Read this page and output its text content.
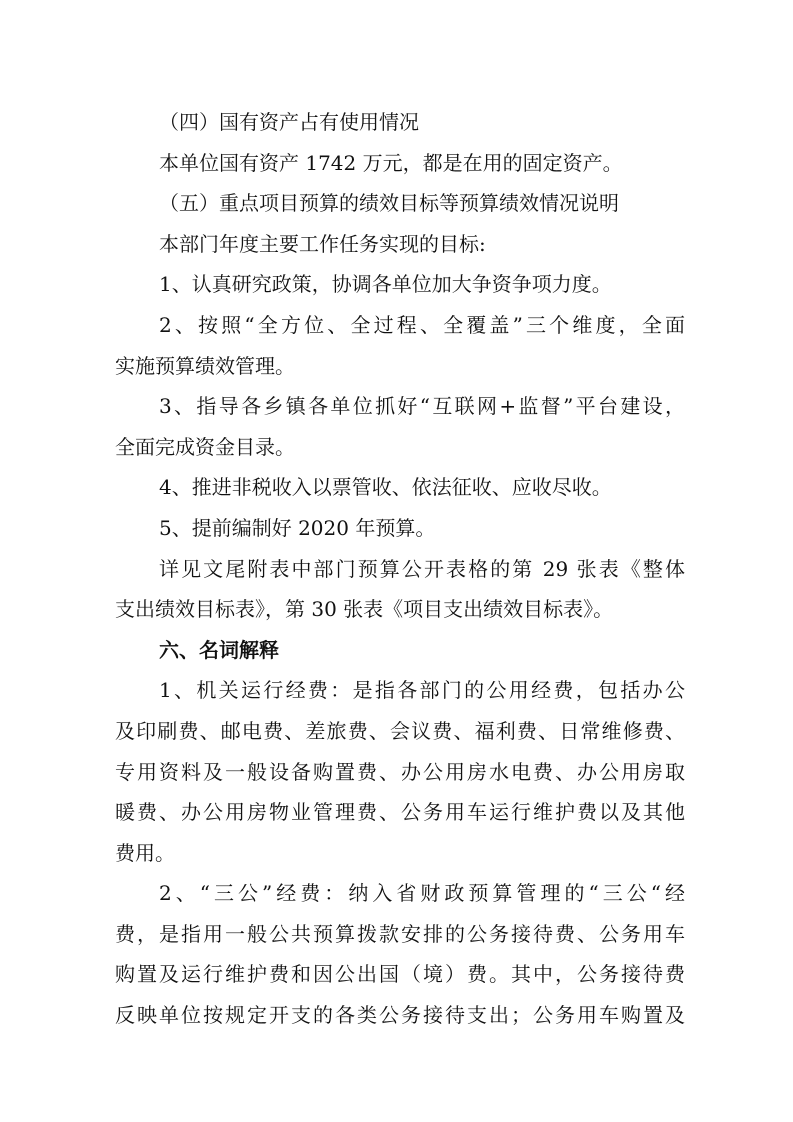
（四）国有资产占有使用情况
本单位国有资产 1742 万元，都是在用的固定资产。
（五）重点项目预算的绩效目标等预算绩效情况说明
本部门年度主要工作任务实现的目标:
1、认真研究政策，协调各单位加大争资争项力度。
2、按照“全方位、全过程、全覆盖”三个维度，全面
实施预算绩效管理。
3、指导各乡镇各单位抓好“互联网+监督”平台建设，
全面完成资金目录。
4、推进非税收入以票管收、依法征收、应收尽收。
5、提前编制好 2020 年预算。
详见文尾附表中部门预算公开表格的第 29 张表《整体
支出绩效目标表》，第 30 张表《项目支出绩效目标表》。
六、名词解释
1、机关运行经费：是指各部门的公用经费，包括办公
及印刷费、邮电费、差旅费、会议费、福利费、日常维修费、
专用资料及一般设备购置费、办公用房水电费、办公用房取
暖费、办公用房物业管理费、公务用车运行维护费以及其他
费用。
2、“三公”经费：纳入省财政预算管理的“三公“经
费，是指用一般公共预算拨款安排的公务接待费、公务用车
购置及运行维护费和因公出国（境）费。其中，公务接待费
反映单位按规定开支的各类公务接待支出；公务用车购置及
